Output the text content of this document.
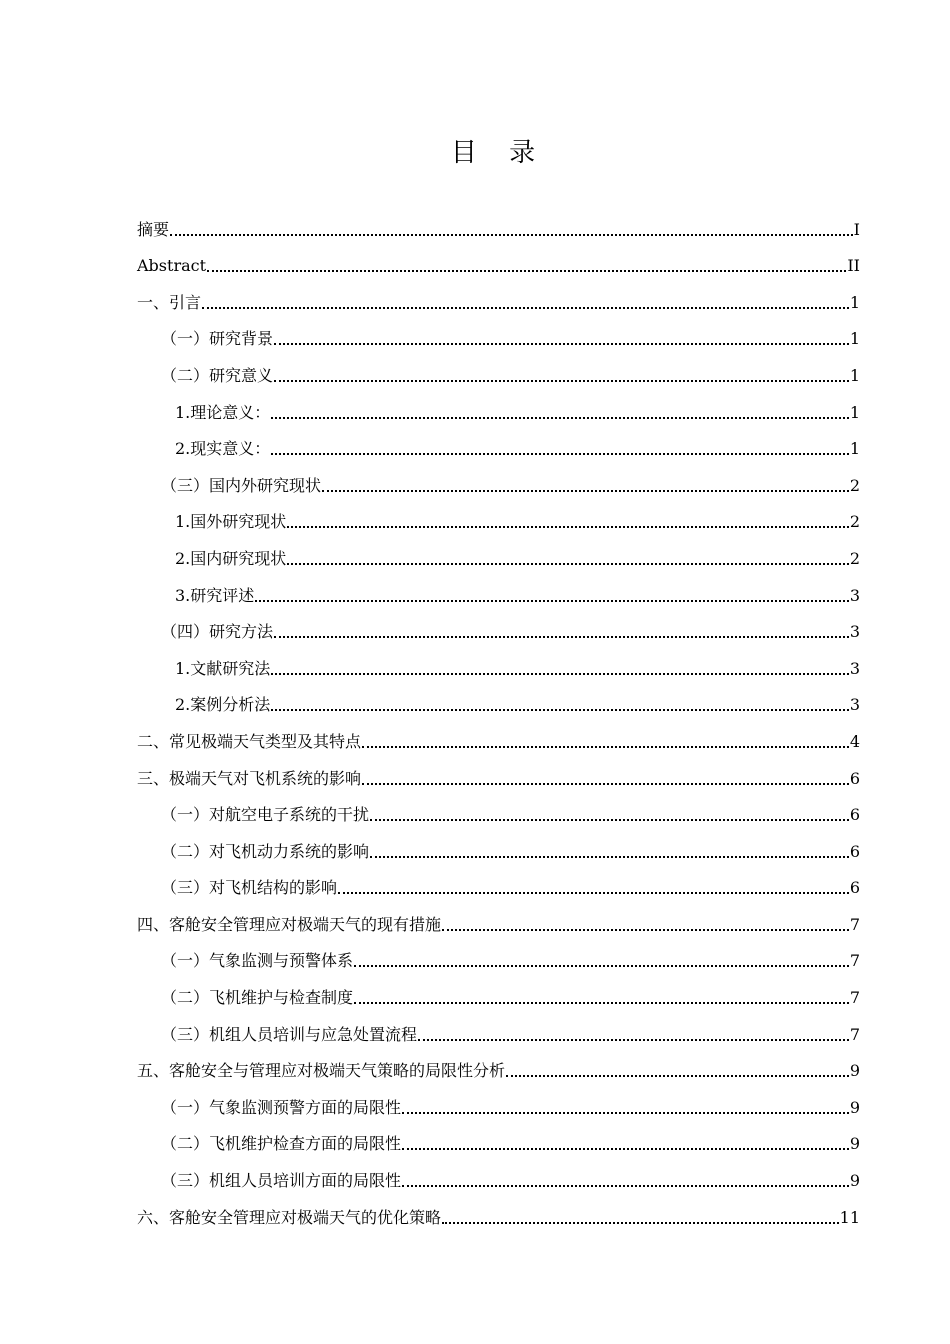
目 录
摘要	I
Abstract	II
一、引言	1
（一）研究背景	1
（二）研究意义	1
1.理论意义：	1
2.现实意义：	1
（三）国内外研究现状	2
1.国外研究现状	2
2.国内研究现状	2
3.研究评述	3
（四）研究方法	3
1.文献研究法	3
2.案例分析法	3
二、常见极端天气类型及其特点	4
三、极端天气对飞机系统的影响	6
（一）对航空电子系统的干扰	6
（二）对飞机动力系统的影响	6
（三）对飞机结构的影响	6
四、客舱安全管理应对极端天气的现有措施	7
（一）气象监测与预警体系	7
（二）飞机维护与检查制度	7
（三）机组人员培训与应急处置流程	7
五、客舱安全与管理应对极端天气策略的局限性分析	9
（一）气象监测预警方面的局限性	9
（二）飞机维护检查方面的局限性	9
（三）机组人员培训方面的局限性	9
六、客舱安全管理应对极端天气的优化策略	11
